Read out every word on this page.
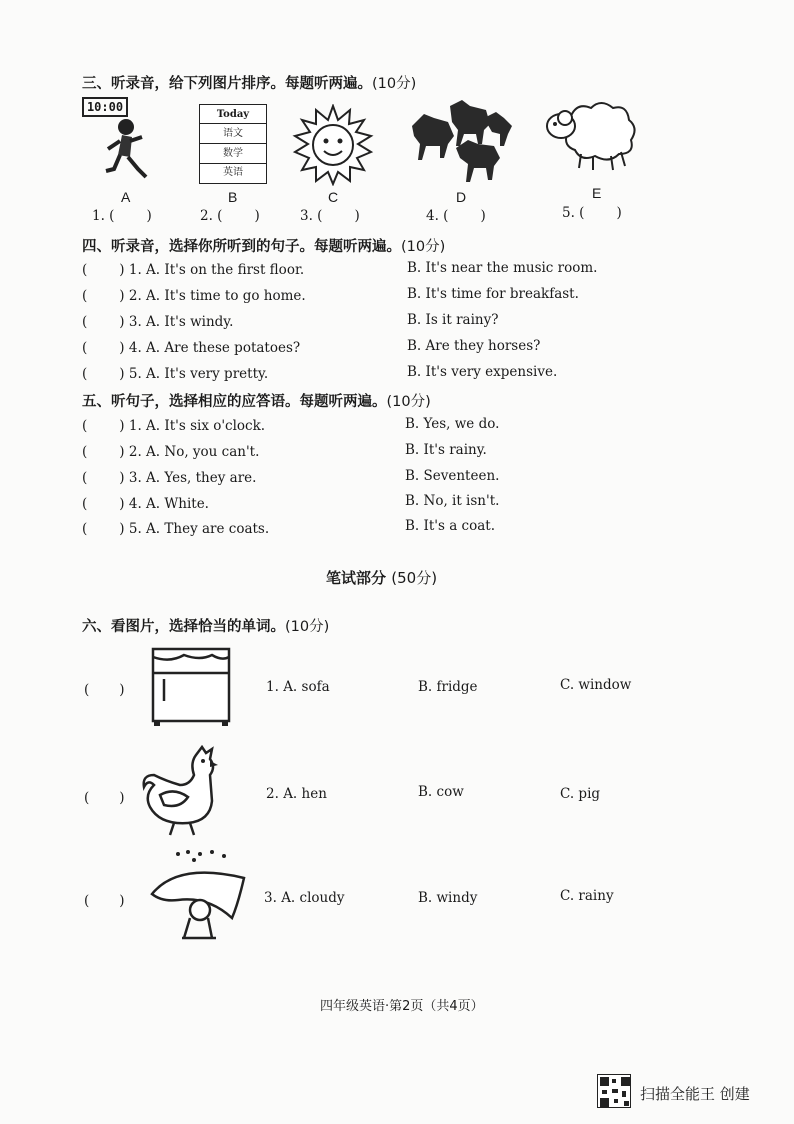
三、听录音，给下列图片排序。每题听两遍。(10分)
10:00
Today
语文
数学
英语
A	B	C	D	E
1. ( )	2. ( )	3. ( )	4. ( )	5. ( )
四、听录音，选择你所听到的句子。每题听两遍。(10分)
( ) 1. A. It's on the first floor.	B. It's near the music room.
( ) 2. A. It's time to go home.	B. It's time for breakfast.
( ) 3. A. It's windy.	B. Is it rainy?
( ) 4. A. Are these potatoes?	B. Are they horses?
( ) 5. A. It's very pretty.	B. It's very expensive.
五、听句子，选择相应的应答语。每题听两遍。(10分)
( ) 1. A. It's six o'clock.	B. Yes, we do.
( ) 2. A. No, you can't.	B. It's rainy.
( ) 3. A. Yes, they are.	B. Seventeen.
( ) 4. A. White.	B. No, it isn't.
( ) 5. A. They are coats.	B. It's a coat.
笔试部分 (50分)
六、看图片，选择恰当的单词。(10分)
( )	1. A. sofa	B. fridge	C. window
( )	2. A. hen	B. cow	C. pig
( )	3. A. cloudy	B. windy	C. rainy
四年级英语·第2页（共4页）
扫描全能王 创建
